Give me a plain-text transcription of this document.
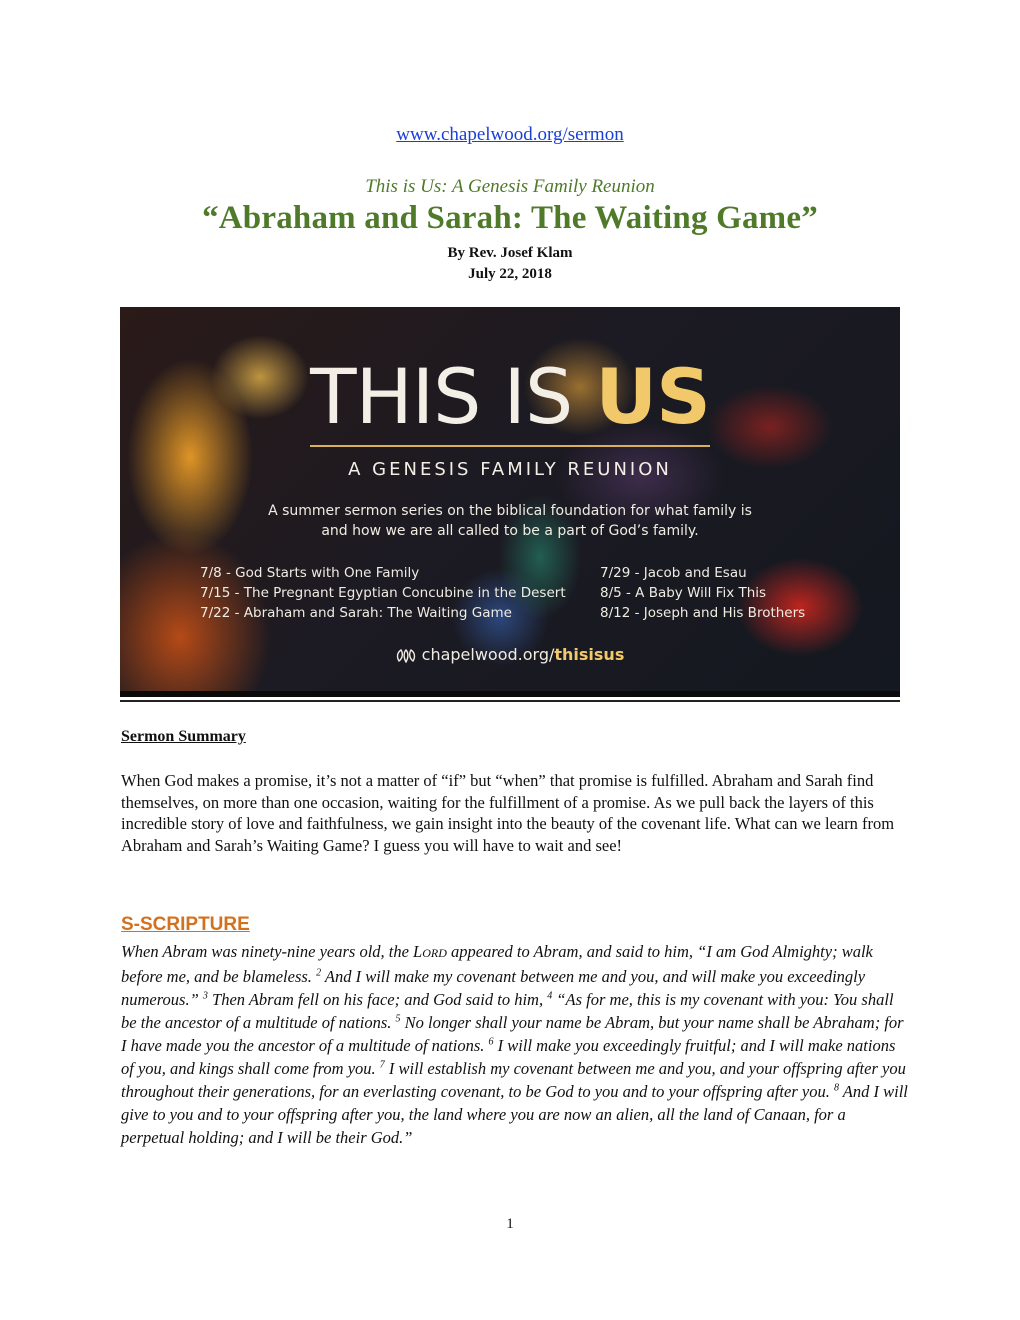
www.chapelwood.org/sermon
This is Us: A Genesis Family Reunion
“Abraham and Sarah: The Waiting Game”
By Rev. Josef Klam
July 22, 2018
THIS IS US
A GENESIS FAMILY REUNION
A summer sermon series on the biblical foundation for what family is
and how we are all called to be a part of God’s family.
7/8 - God Starts with One Family
7/15 - The Pregnant Egyptian Concubine in the Desert
7/22 - Abraham and Sarah: The Waiting Game
7/29 - Jacob and Esau
8/5 - A Baby Will Fix This
8/12 - Joseph and His Brothers
chapelwood.org/thisisus
Sermon Summary
When God makes a promise, it’s not a matter of “if” but “when” that promise is fulfilled. Abraham and Sarah find themselves, on more than one occasion, waiting for the fulfillment of a promise. As we pull back the layers of this incredible story of love and faithfulness, we gain insight into the beauty of the covenant life. What can we learn from Abraham and Sarah’s Waiting Game? I guess you will have to wait and see!
S-SCRIPTURE
When Abram was ninety-nine years old, the LORD appeared to Abram, and said to him, “I am God Almighty; walk before me, and be blameless. $^2$ And I will make my covenant between me and you, and will make you exceedingly numerous.” $^3$ Then Abram fell on his face; and God said to him, $^4$ “As for me, this is my covenant with you: You shall be the ancestor of a multitude of nations. $^5$ No longer shall your name be Abram, but your name shall be Abraham; for I have made you the ancestor of a multitude of nations. $^6$ I will make you exceedingly fruitful; and I will make nations of you, and kings shall come from you. $^7$ I will establish my covenant between me and you, and your offspring after you throughout their generations, for an everlasting covenant, to be God to you and to your offspring after you. $^8$ And I will give to you and to your offspring after you, the land where you are now an alien, all the land of Canaan, for a perpetual holding; and I will be their God.”
1
